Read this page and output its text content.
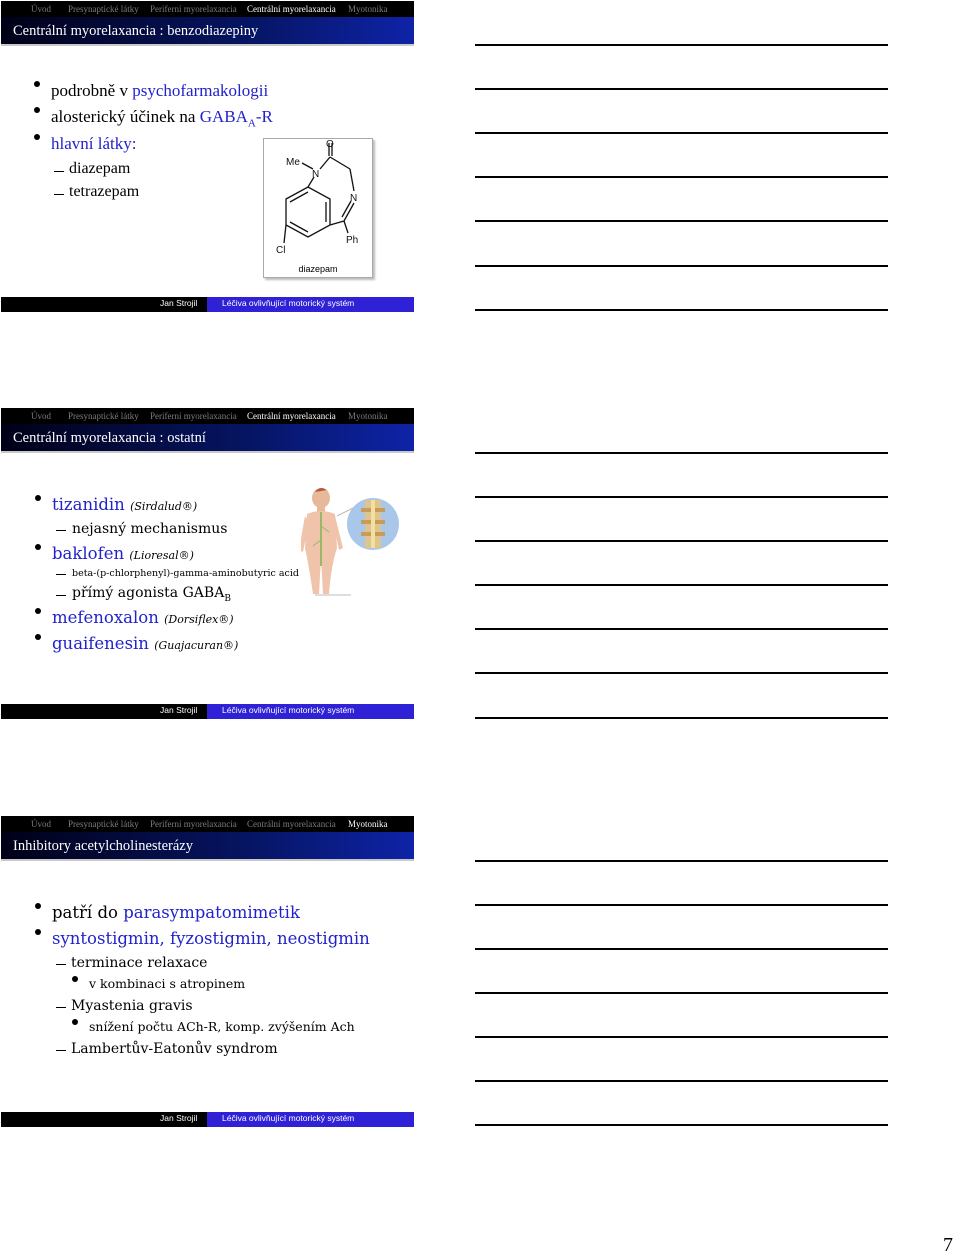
Úvod Presynaptické látky Periferní myorelaxancia Centrální myorelaxancia Myotonika
Centrální myorelaxancia : benzodiazepiny
podrobně v psychofarmakologii
alosterický účinek na $GABA_A-R$
hlavní látky:
diazepam
tetrazepam
Me
N
N
O
Cl
Ph
diazepam
Jan Strojil	Léčiva ovlivňující motorický systém
Úvod Presynaptické látky Periferní myorelaxancia Centrální myorelaxancia Myotonika
Centrální myorelaxancia : ostatní
tizanidin (Sirdalud®)
nejasný mechanismus
baklofen (Lioresal®)
beta-(p-chlorphenyl)-gamma-aminobutyric acid
přímý agonista $GABA_B$
mefenoxalon (Dorsiflex®)
guaifenesin (Guajacuran®)
Jan Strojil	Léčiva ovlivňující motorický systém
Úvod Presynaptické látky Periferní myorelaxancia Centrální myorelaxancia Myotonika
Inhibitory acetylcholinesterázy
patří do parasympatomimetik
syntostigmin, fyzostigmin, neostigmin
terminace relaxace
v kombinaci s atropinem
Myastenia gravis
snížení počtu ACh-R, komp. zvýšením Ach
Lambertův-Eatonův syndrom
Jan Strojil	Léčiva ovlivňující motorický systém
7
